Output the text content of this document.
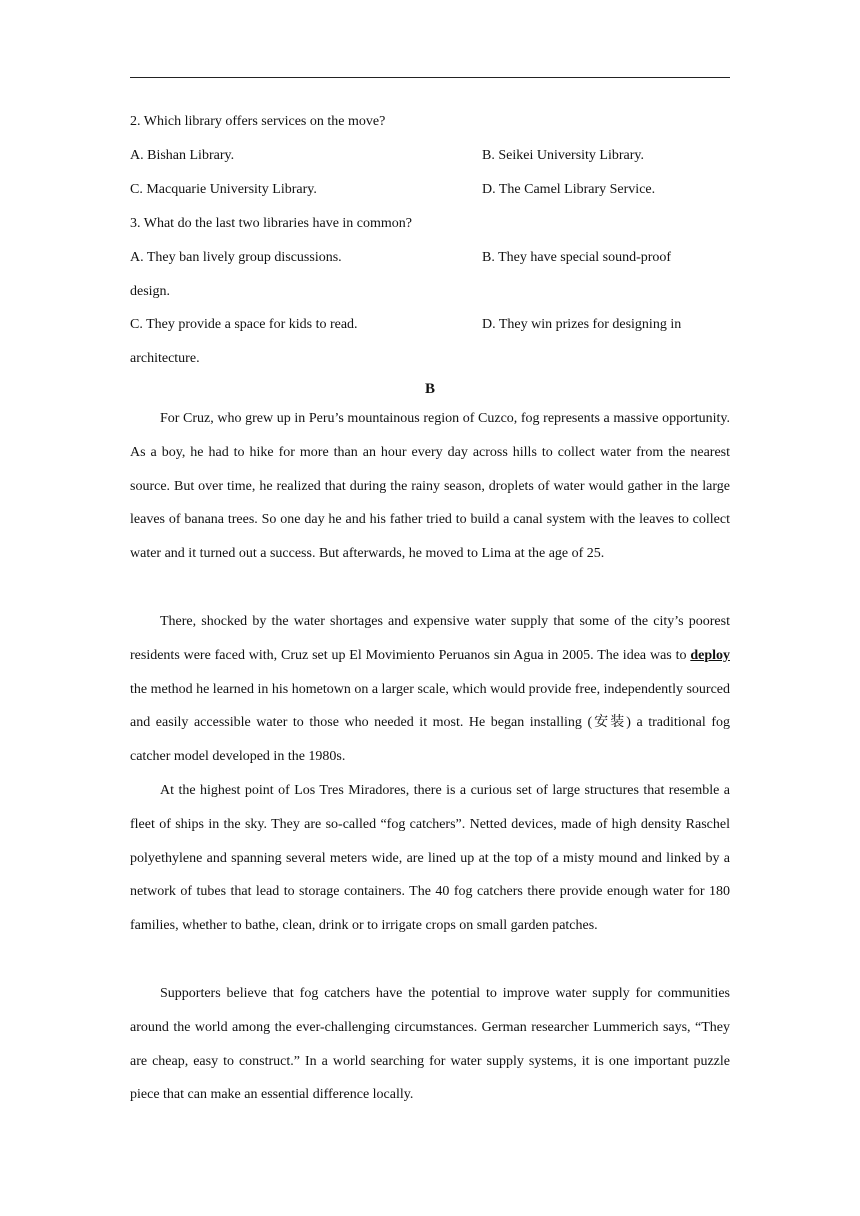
2. Which library offers services on the move?
A. Bishan Library.	B. Seikei University Library.
C. Macquarie University Library.	D. The Camel Library Service.
3. What do the last two libraries have in common?
A. They ban lively group discussions.	B. They have special sound-proof
design.
C. They provide a space for kids to read.	D. They win prizes for designing in
architecture.
B
For Cruz, who grew up in Peru’s mountainous region of Cuzco, fog represents a massive opportunity. As a boy, he had to hike for more than an hour every day across hills to collect water from the nearest source. But over time, he realized that during the rainy season, droplets of water would gather in the large leaves of banana trees. So one day he and his father tried to build a canal system with the leaves to collect water and it turned out a success. But afterwards, he moved to Lima at the age of 25.
There, shocked by the water shortages and expensive water supply that some of the city’s poorest residents were faced with, Cruz set up El Movimiento Peruanos sin Agua in 2005. The idea was to deploy the method he learned in his hometown on a larger scale, which would provide free, independently sourced and easily accessible water to those who needed it most. He began installing (安装) a traditional fog catcher model developed in the 1980s.
At the highest point of Los Tres Miradores, there is a curious set of large structures that resemble a fleet of ships in the sky. They are so-called “fog catchers”. Netted devices, made of high density Raschel polyethylene and spanning several meters wide, are lined up at the top of a misty mound and linked by a network of tubes that lead to storage containers. The 40 fog catchers there provide enough water for 180 families, whether to bathe, clean, drink or to irrigate crops on small garden patches.
Supporters believe that fog catchers have the potential to improve water supply for communities around the world among the ever-challenging circumstances. German researcher Lummerich says, “They are cheap, easy to construct.” In a world searching for water supply systems, it is one important puzzle piece that can make an essential difference locally.
